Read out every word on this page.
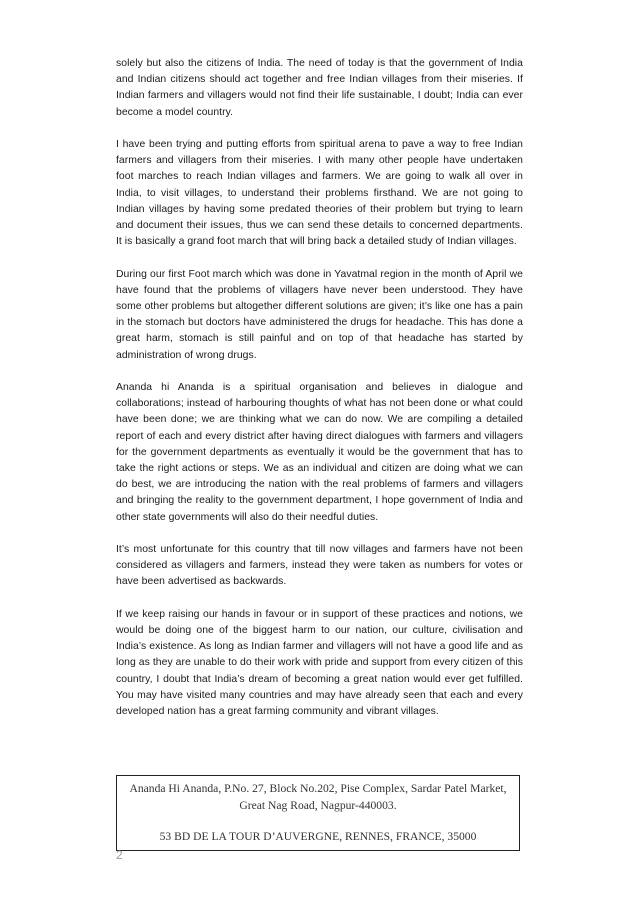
solely but also the citizens of India. The need of today is that the government of India and Indian citizens should act together and free Indian villages from their miseries. If Indian farmers and villagers would not find their life sustainable, I doubt; India can ever become a model country.

I have been trying and putting efforts from spiritual arena to pave a way to free Indian farmers and villagers from their miseries. I with many other people have undertaken foot marches to reach Indian villages and farmers. We are going to walk all over in India, to visit villages, to understand their problems firsthand. We are not going to Indian villages by having some predated theories of their problem but trying to learn and document their issues, thus we can send these details to concerned departments. It is basically a grand foot march that will bring back a detailed study of Indian villages.

During our first Foot march which was done in Yavatmal region in the month of April we have found that the problems of villagers have never been understood. They have some other problems but altogether different solutions are given; it’s like one has a pain in the stomach but doctors have administered the drugs for headache. This has done a great harm, stomach is still painful and on top of that headache has started by administration of wrong drugs.

Ananda hi Ananda is a spiritual organisation and believes in dialogue and collaborations; instead of harbouring thoughts of what has not been done or what could have been done; we are thinking what we can do now. We are compiling a detailed report of each and every district after having direct dialogues with farmers and villagers for the government departments as eventually it would be the government that has to take the right actions or steps. We as an individual and citizen are doing what we can do best, we are introducing the nation with the real problems of farmers and villagers and bringing the reality to the government department, I hope government of India and other state governments will also do their needful duties.

It’s most unfortunate for this country that till now villages and farmers have not been considered as villagers and farmers, instead they were taken as numbers for votes or have been advertised as backwards.

If we keep raising our hands in favour or in support of these practices and notions, we would be doing one of the biggest harm to our nation, our culture, civilisation and India’s existence. As long as Indian farmer and villagers will not have a good life and as long as they are unable to do their work with pride and support from every citizen of this country, I doubt that India’s dream of becoming a great nation would ever get fulfilled. You may have visited many countries and may have already seen that each and every developed nation has a great farming community and vibrant villages.

Ananda Hi Ananda, P.No. 27, Block No.202, Pise Complex, Sardar Patel Market, Great Nag Road, Nagpur-440003.
53 BD DE LA TOUR D’AUVERGNE, RENNES, FRANCE, 35000
2
